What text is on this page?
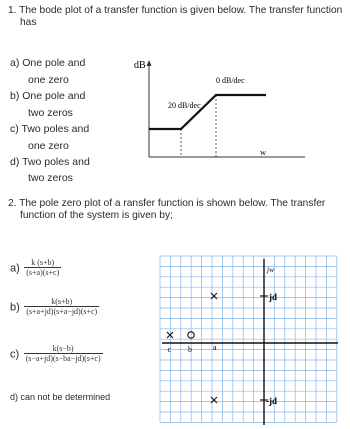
1. The bode plot of a transfer function is given below. The transfer function
has
a) One pole and
one zero
b) One pole and
two zeros
c) Two poles and
one zero
d) Two poles and
two zeros
dB
w
20 dB/dec
0 dB/dec
2. The pole zero plot of a ransfer function is shown below. The transfer
function of the system is given by;
$a) \frac{k (s+b)}{(s+a)(s+c)}$
$b) \frac{k(s+b)}{(s+a+jd)(s+a-jd)(s+c)}$
$c) \frac{k(s-b)}{(s-a+jd)(s-ba-jd)(s+c)}$
d) can not be determined
jw
jd
-jd
c b	a
